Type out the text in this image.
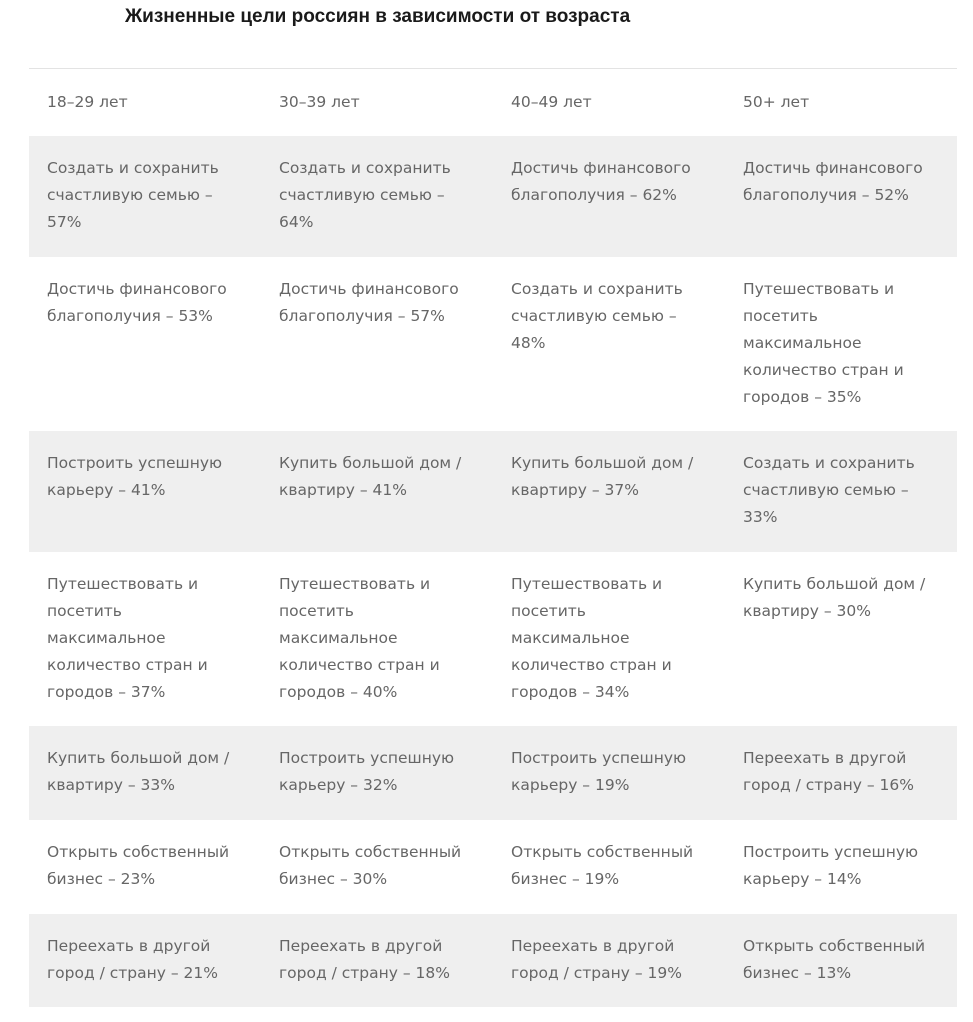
Жизненные цели россиян в зависимости от возраста
18–29 лет	30–39 лет	40–49 лет	50+ лет
Создать и сохранить счастливую семью – 57%	Создать и сохранить счастливую семью – 64%	Достичь финансового благополучия – 62%	Достичь финансового благополучия – 52%
Достичь финансового благополучия – 53%	Достичь финансового благополучия – 57%	Создать и сохранить счастливую семью – 48%	Путешествовать и посетить максимальное количество стран и городов – 35%
Построить успешную карьеру – 41%	Купить большой дом / квартиру – 41%	Купить большой дом / квартиру – 37%	Создать и сохранить счастливую семью – 33%
Путешествовать и посетить максимальное количество стран и городов – 37%	Путешествовать и посетить максимальное количество стран и городов – 40%	Путешествовать и посетить максимальное количество стран и городов – 34%	Купить большой дом / квартиру – 30%
Купить большой дом / квартиру – 33%	Построить успешную карьеру – 32%	Построить успешную карьеру – 19%	Переехать в другой город / страну – 16%
Открыть собственный бизнес – 23%	Открыть собственный бизнес – 30%	Открыть собственный бизнес – 19%	Построить успешную карьеру – 14%
Переехать в другой город / страну – 21%	Переехать в другой город / страну – 18%	Переехать в другой город / страну – 19%	Открыть собственный бизнес – 13%
